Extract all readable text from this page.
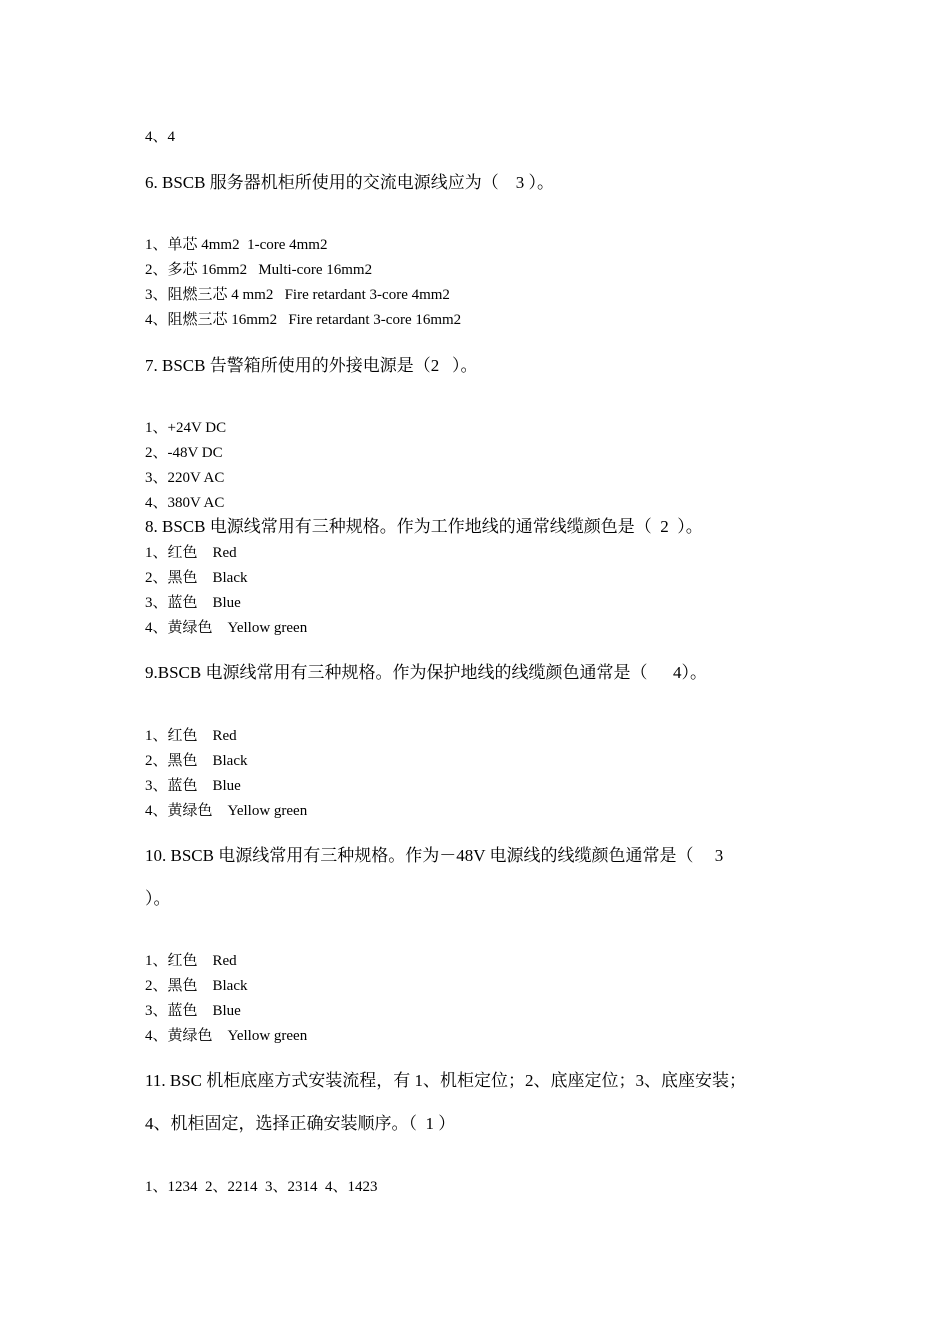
4、4
6. BSCB 服务器机柜所使用的交流电源线应为（    3 ）。
1、单芯 4mm2  1-core 4mm2
2、多芯 16mm2   Multi-core 16mm2
3、阻燃三芯 4 mm2   Fire retardant 3-core 4mm2
4、阻燃三芯 16mm2   Fire retardant 3-core 16mm2
7. BSCB 告警箱所使用的外接电源是（2   ）。
1、+24V DC
2、-48V DC
3、220V AC
4、380V AC
8. BSCB 电源线常用有三种规格。作为工作地线的通常线缆颜色是（  2  ）。
1、红色    Red
2、黑色    Black
3、蓝色    Blue
4、黄绿色    Yellow green
9.BSCB 电源线常用有三种规格。作为保护地线的线缆颜色通常是（      4）。
1、红色    Red
2、黑色    Black
3、蓝色    Blue
4、黄绿色    Yellow green
10. BSCB 电源线常用有三种规格。作为－48V 电源线的线缆颜色通常是（     3
）。
1、红色    Red
2、黑色    Black
3、蓝色    Blue
4、黄绿色    Yellow green
11. BSC 机柜底座方式安装流程，有 1、机柜定位；2、底座定位；3、底座安装；
4、机柜固定，选择正确安装顺序。（  1 ）
1、1234  2、2214  3、2314  4、1423
